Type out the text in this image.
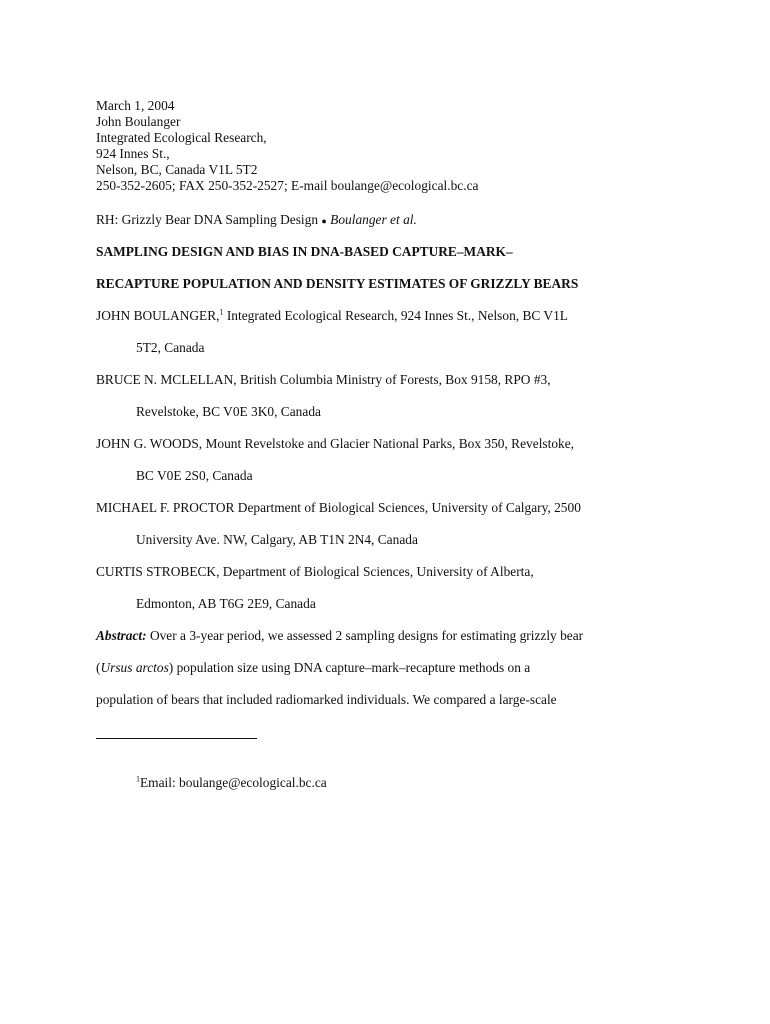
March 1, 2004
John Boulanger
Integrated Ecological Research,
924 Innes St.,
Nelson, BC, Canada V1L 5T2
250-352-2605; FAX 250-352-2527; E-mail boulange@ecological.bc.ca
RH: Grizzly Bear DNA Sampling Design ● Boulanger et al.
SAMPLING DESIGN AND BIAS IN DNA-BASED CAPTURE–MARK–
RECAPTURE POPULATION AND DENSITY ESTIMATES OF GRIZZLY BEARS
JOHN BOULANGER,$^1$ Integrated Ecological Research, 924 Innes St., Nelson, BC V1L
5T2, Canada
BRUCE N. MCLELLAN, British Columbia Ministry of Forests, Box 9158, RPO #3,
Revelstoke, BC V0E 3K0, Canada
JOHN G. WOODS, Mount Revelstoke and Glacier National Parks, Box 350, Revelstoke,
BC V0E 2S0, Canada
MICHAEL F. PROCTOR Department of Biological Sciences, University of Calgary, 2500
University Ave. NW, Calgary, AB T1N 2N4, Canada
CURTIS STROBECK, Department of Biological Sciences, University of Alberta,
Edmonton, AB T6G 2E9, Canada
Abstract: Over a 3-year period, we assessed 2 sampling designs for estimating grizzly bear
(Ursus arctos) population size using DNA capture–mark–recapture methods on a
population of bears that included radiomarked individuals. We compared a large-scale
$^1$Email: boulange@ecological.bc.ca
